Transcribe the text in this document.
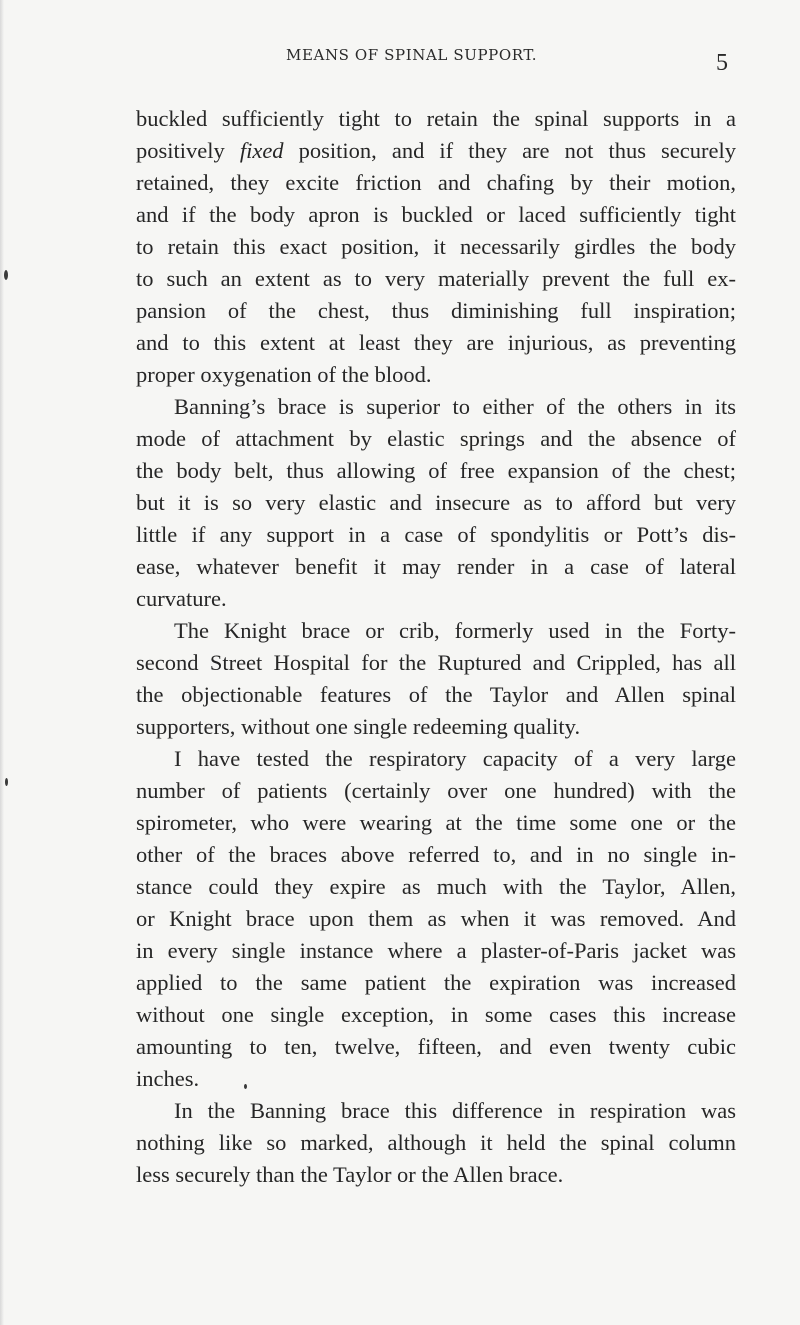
MEANS OF SPINAL SUPPORT.	5
buckled sufficiently tight to retain the spinal supports in a
positively fixed position, and if they are not thus securely
retained, they excite friction and chafing by their motion,
and if the body apron is buckled or laced sufficiently tight
to retain this exact position, it necessarily girdles the body
to such an extent as to very materially prevent the full ex-
pansion of the chest, thus diminishing full inspiration;
and to this extent at least they are injurious, as preventing
proper oxygenation of the blood.
Banning’s brace is superior to either of the others in its
mode of attachment by elastic springs and the absence of
the body belt, thus allowing of free expansion of the chest;
but it is so very elastic and insecure as to afford but very
little if any support in a case of spondylitis or Pott’s dis-
ease, whatever benefit it may render in a case of lateral
curvature.
The Knight brace or crib, formerly used in the Forty-
second Street Hospital for the Ruptured and Crippled, has all
the objectionable features of the Taylor and Allen spinal
supporters, without one single redeeming quality.
I have tested the respiratory capacity of a very large
number of patients (certainly over one hundred) with the
spirometer, who were wearing at the time some one or the
other of the braces above referred to, and in no single in-
stance could they expire as much with the Taylor, Allen,
or Knight brace upon them as when it was removed. And
in every single instance where a plaster-of-Paris jacket was
applied to the same patient the expiration was increased
without one single exception, in some cases this increase
amounting to ten, twelve, fifteen, and even twenty cubic
inches.
In the Banning brace this difference in respiration was
nothing like so marked, although it held the spinal column
less securely than the Taylor or the Allen brace.
